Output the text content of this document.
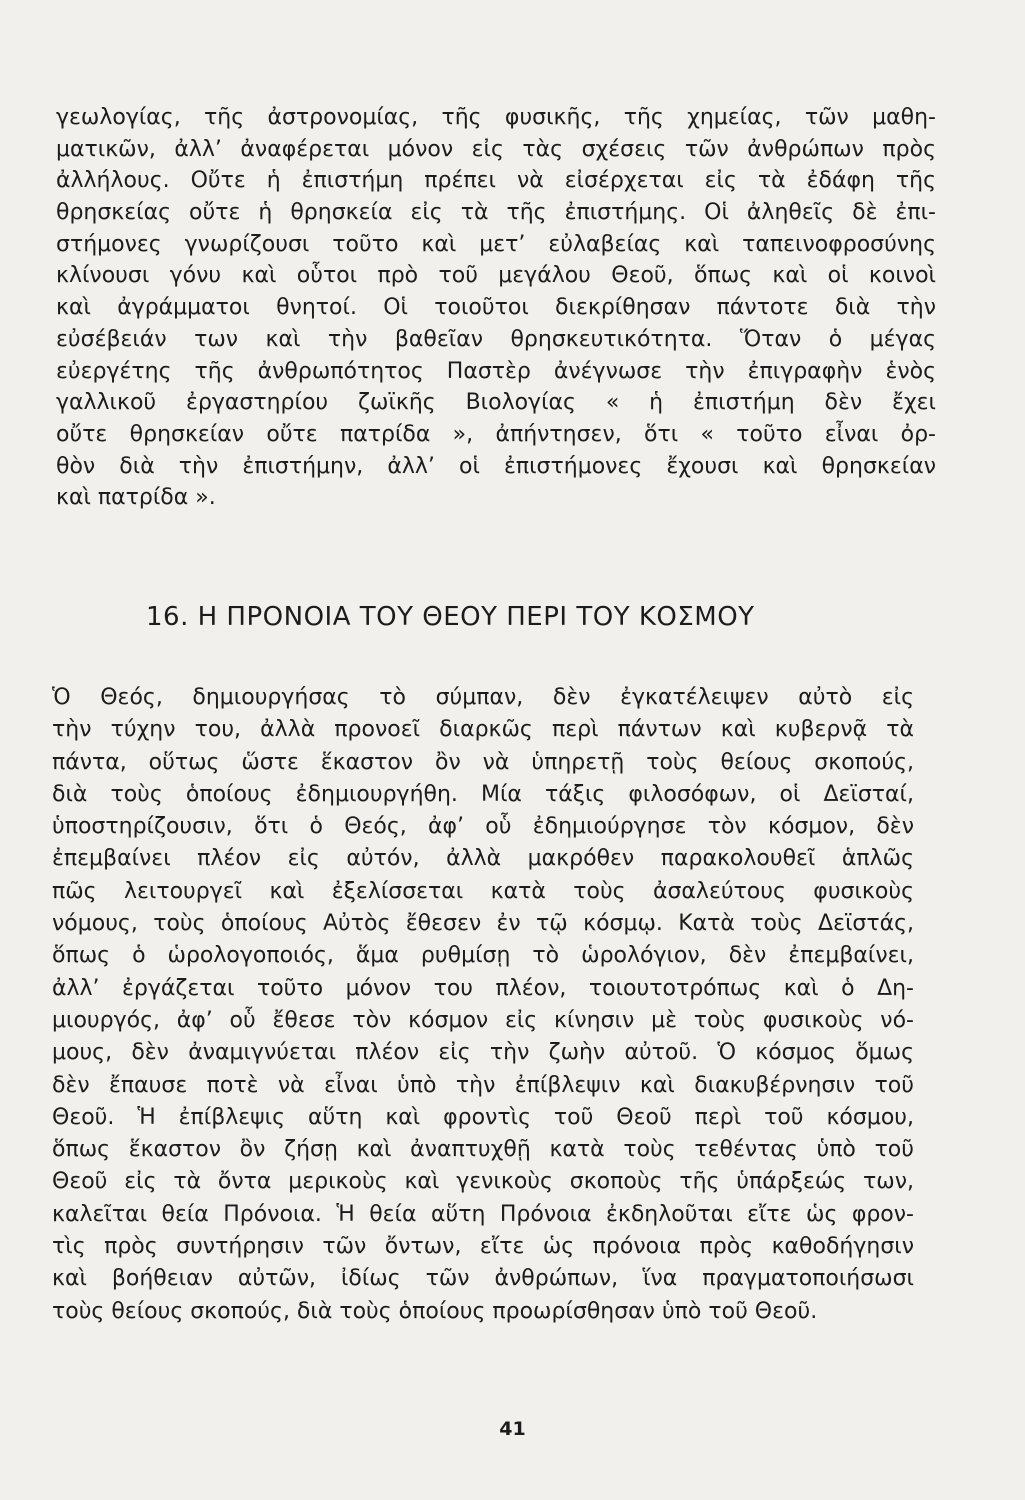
γεωλογίας, τῆς ἀστρονομίας, τῆς φυσικῆς, τῆς χημείας, τῶν μαθη-
ματικῶν, ἀλλ’ ἀναφέρεται μόνον εἰς τὰς σχέσεις τῶν ἀνθρώπων πρὸς
ἀλλήλους. Οὔτε ἡ ἐπιστήμη πρέπει νὰ εἰσέρχεται εἰς τὰ ἐδάφη τῆς
θρησκείας οὔτε ἡ θρησκεία εἰς τὰ τῆς ἐπιστήμης. Οἱ ἀληθεῖς δὲ ἐπι-
στήμονες γνωρίζουσι τοῦτο καὶ μετ’ εὐλαβείας καὶ ταπεινοφροσύνης
κλίνουσι γόνυ καὶ οὗτοι πρὸ τοῦ μεγάλου Θεοῦ, ὅπως καὶ οἱ κοινοὶ
καὶ ἀγράμματοι θνητοί. Οἱ τοιοῦτοι διεκρίθησαν πάντοτε διὰ τὴν
εὐσέβειάν των καὶ τὴν βαθεῖαν θρησκευτικότητα. Ὅταν ὁ μέγας
εὐεργέτης τῆς ἀνθρωπότητος Παστὲρ ἀνέγνωσε τὴν ἐπιγραφὴν ἑνὸς
γαλλικοῦ ἐργαστηρίου ζωϊκῆς Βιολογίας « ἡ ἐπιστήμη δὲν ἔχει
οὔτε θρησκείαν οὔτε πατρίδα », ἀπήντησεν, ὅτι « τοῦτο εἶναι ὀρ-
θὸν διὰ τὴν ἐπιστήμην, ἀλλ’ οἱ ἐπιστήμονες ἔχουσι καὶ θρησκείαν
καὶ πατρίδα ».
16. Η ΠΡΟΝΟΙΑ ΤΟΥ ΘΕΟΥ ΠΕΡΙ ΤΟΥ ΚΟΣΜΟΥ
Ὁ Θεός, δημιουργήσας τὸ σύμπαν, δὲν ἐγκατέλειψεν αὐτὸ εἰς
τὴν τύχην του, ἀλλὰ προνοεῖ διαρκῶς περὶ πάντων καὶ κυβερνᾷ τὰ
πάντα, οὕτως ὥστε ἕκαστον ὂν νὰ ὑπηρετῇ τοὺς θείους σκοπούς,
διὰ τοὺς ὁποίους ἐδημιουργήθη. Μία τάξις φιλοσόφων, οἱ Δεϊσταί,
ὑποστηρίζουσιν, ὅτι ὁ Θεός, ἀφ’ οὗ ἐδημιούργησε τὸν κόσμον, δὲν
ἐπεμβαίνει πλέον εἰς αὐτόν, ἀλλὰ μακρόθεν παρακολουθεῖ ἁπλῶς
πῶς λειτουργεῖ καὶ ἐξελίσσεται κατὰ τοὺς ἀσαλεύτους φυσικοὺς
νόμους, τοὺς ὁποίους Αὐτὸς ἔθεσεν ἐν τῷ κόσμῳ. Κατὰ τοὺς Δεϊστάς,
ὅπως ὁ ὡρολογοποιός, ἅμα ρυθμίσῃ τὸ ὡρολόγιον, δὲν ἐπεμβαίνει,
ἀλλ’ ἐργάζεται τοῦτο μόνον του πλέον, τοιουτοτρόπως καὶ ὁ Δη-
μιουργός, ἀφ’ οὗ ἔθεσε τὸν κόσμον εἰς κίνησιν μὲ τοὺς φυσικοὺς νό-
μους, δὲν ἀναμιγνύεται πλέον εἰς τὴν ζωὴν αὐτοῦ. Ὁ κόσμος ὅμως
δὲν ἔπαυσε ποτὲ νὰ εἶναι ὑπὸ τὴν ἐπίβλεψιν καὶ διακυβέρνησιν τοῦ
Θεοῦ. Ἡ ἐπίβλεψις αὕτη καὶ φροντὶς τοῦ Θεοῦ περὶ τοῦ κόσμου,
ὅπως ἕκαστον ὂν ζήσῃ καὶ ἀναπτυχθῇ κατὰ τοὺς τεθέντας ὑπὸ τοῦ
Θεοῦ εἰς τὰ ὄντα μερικοὺς καὶ γενικοὺς σκοποὺς τῆς ὑπάρξεώς των,
καλεῖται θεία Πρόνοια. Ἡ θεία αὕτη Πρόνοια ἐκδηλοῦται εἴτε ὡς φρον-
τὶς πρὸς συντήρησιν τῶν ὄντων, εἴτε ὡς πρόνοια πρὸς καθοδήγησιν
καὶ βοήθειαν αὐτῶν, ἰδίως τῶν ἀνθρώπων, ἵνα πραγματοποιήσωσι
τοὺς θείους σκοπούς, διὰ τοὺς ὁποίους προωρίσθησαν ὑπὸ τοῦ Θεοῦ.
41
